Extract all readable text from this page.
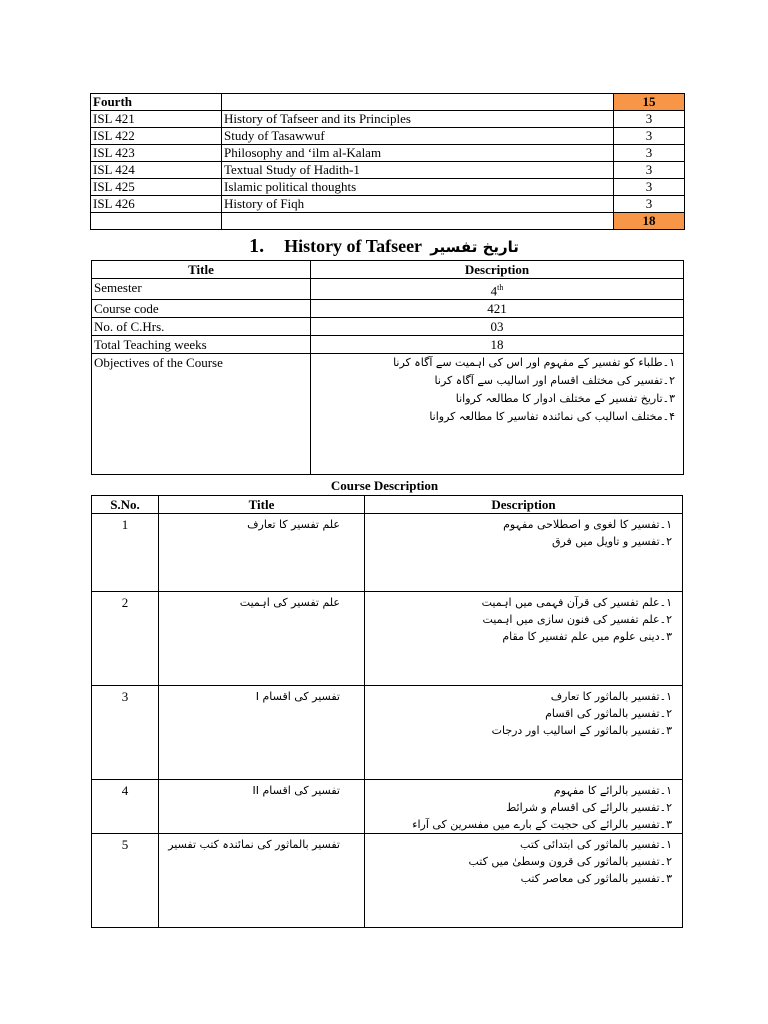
Fourth		15
ISL 421	History of Tafseer and its Principles	3
ISL 422	Study of Tasawwuf	3
ISL 423	Philosophy and ‘ilm al-Kalam	3
ISL 424	Textual Study of Hadith-1	3
ISL 425	Islamic political thoughts	3
ISL 426	History of Fiqh	3
		18
1. History of Tafseer تاریخ تفسیر
Title	Description
Semester	4th
Course code	421
No. of C.Hrs.	03
Total Teaching weeks	18
Objectives of the Course	۱۔طلباء کو تفسیر کے مفہوم اور اس کی اہمیت سے آگاہ کرنا
۲۔تفسیر کی مختلف اقسام اور اسالیب سے آگاہ کرنا
۳۔تاریخ تفسیر کے مختلف ادوار کا مطالعہ کروانا
۴۔مختلف اسالیب کی نمائندہ تفاسیر کا مطالعہ کروانا
Course Description
S.No.	Title	Description
1	علم تفسیر کا تعارف	۱۔تفسیر کا لغوی و اصطلاحی مفہوم
۲۔تفسیر و تاویل میں فرق

2	علم تفسیر کی اہمیت	۱۔علم تفسیر کی قرآن فہمی میں اہمیت
۲۔علم تفسیر کی فنون سازی میں اہمیت
۳۔دینی علوم میں علم تفسیر کا مقام

3	تفسیر کی اقسام I	۱۔تفسیر بالماثور کا تعارف
۲۔تفسیر بالماثور کی اقسام
۳۔تفسیر بالماثور کے اسالیب اور درجات

4	تفسیر کی اقسام II	۱۔تفسیر بالرائے کا مفہوم
۲۔تفسیر بالرائے کی اقسام و شرائط
۳۔تفسیر بالرائے کی حجیت کے بارے میں مفسرین کی آراء

5	تفسیر بالماثور کی نمائندہ کتب تفسیر	۱۔تفسیر بالماثور کی ابتدائی کتب
۲۔تفسیر بالماثور کی قرون وسطیٰ میں کتب
۳۔تفسیر بالماثور کی معاصر کتب
